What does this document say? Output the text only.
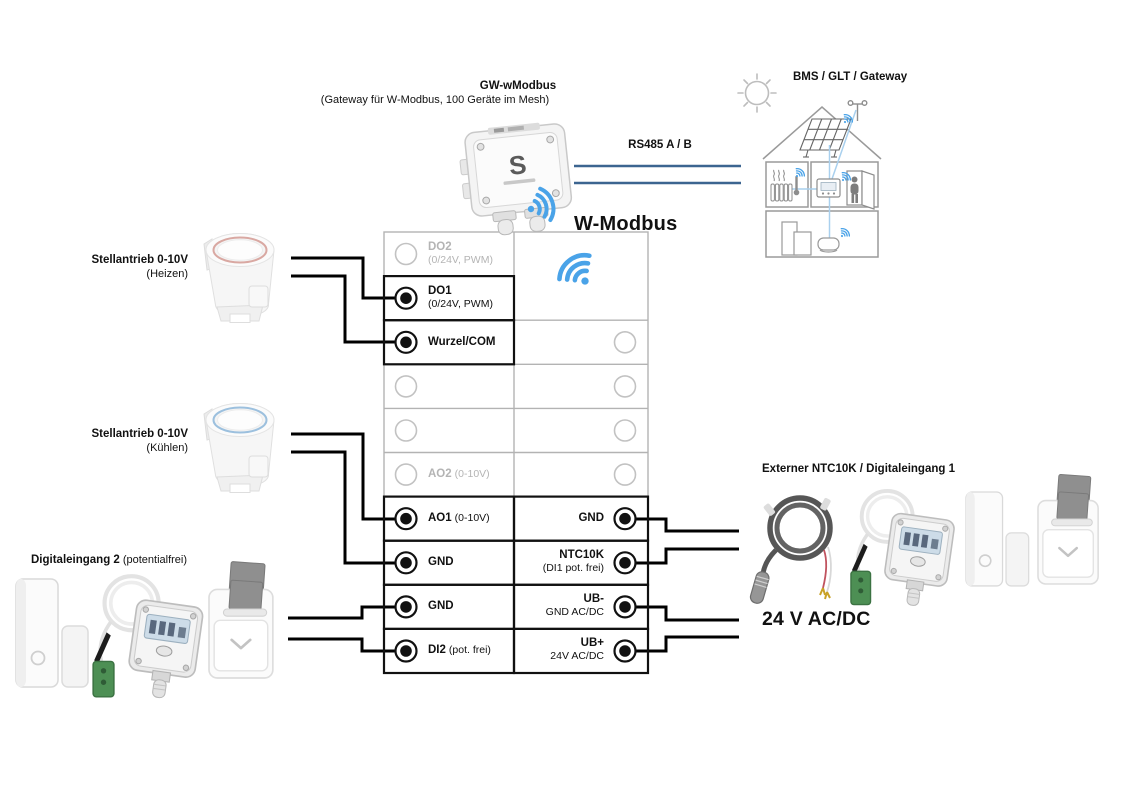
S
GW-wModbus
(Gateway für W-Modbus, 100 Geräte im Mesh)
RS485 A / B
W-Modbus
BMS / GLT / Gateway
Stellantrieb 0-10V
(Heizen)
Stellantrieb 0-10V
(Kühlen)
Digitaleingang 2 (potentialfrei)
Externer NTC10K / Digitaleingang 1
24 V AC/DC
DO2
(0/24V, PWM)
DO1
(0/24V, PWM)
Wurzel/COM
AO2 (0-10V)
AO1 (0-10V)
GND
GND
DI2 (pot. frei)
GND
NTC10K
(DI1 pot. frei)
UB-
GND AC/DC
UB+
24V AC/DC
